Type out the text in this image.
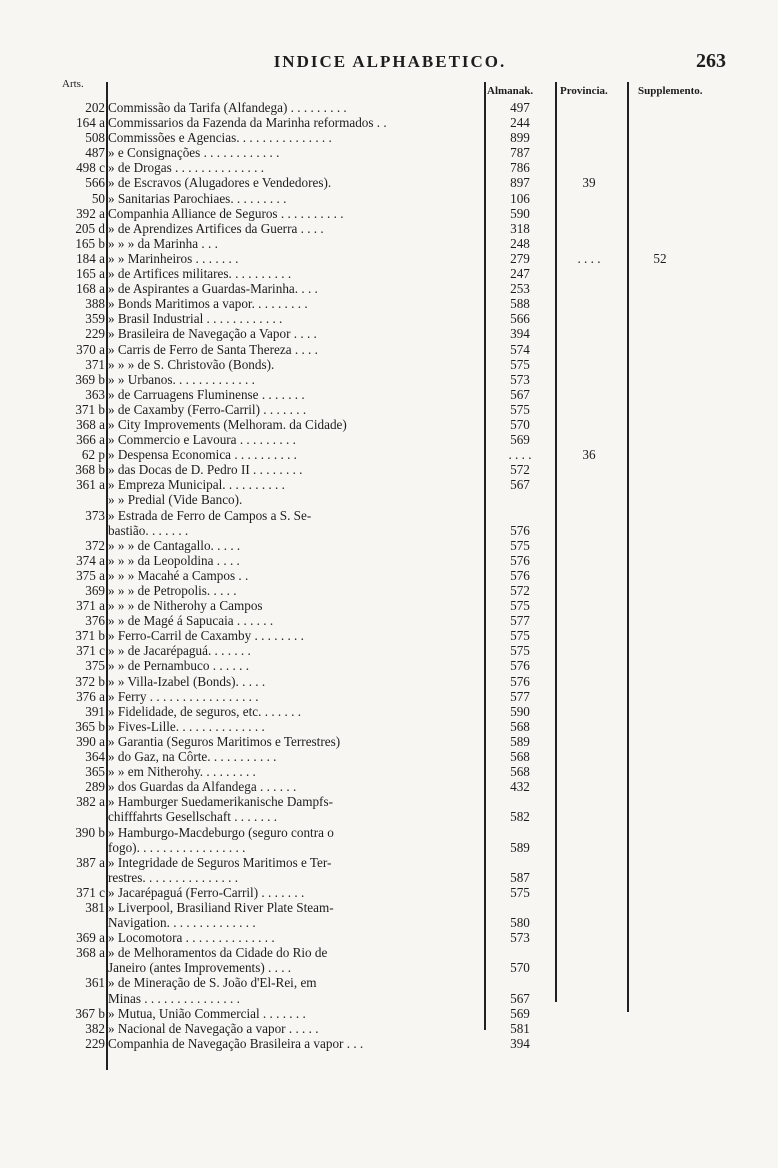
INDICE ALPHABETICO.	263
Arts.
Almanak. Provincia.	Supplemento.
202 Commissão da Tarifa (Alfandega) . . . . . . . . .	497
164 a Commissarios da Fazenda da Marinha reformados . .	244
508 Commissões e Agencias. . . . . . . . . . . . . . .	899
487 » e Consignações . . . . . . . . . . . .	787
498 c » de Drogas . . . . . . . . . . . . . .	786
566 » de Escravos (Alugadores e Vendedores).	897	39
50 » Sanitarias Parochiaes. . . . . . . . .	106
392 a Companhia Alliance de Seguros . . . . . . . . . .	590
205 d » de Aprendizes Artifices da Guerra . . . .	318
165 b » » » da Marinha . . .	248
184 a » » Marinheiros . . . . . . .	279	. . . .	52
165 a » de Artifices militares. . . . . . . . . .	247
168 a » de Aspirantes a Guardas-Marinha. . . .	253
388 » Bonds Maritimos a vapor. . . . . . . . .	588
359 » Brasil Industrial . . . . . . . . . . . .	566
229 » Brasileira de Navegação a Vapor . . . .	394
370 a » Carris de Ferro de Santa Thereza . . . .	574
371 » » » de S. Christovão (Bonds).	575
369 b » » Urbanos. . . . . . . . . . . . .	573
363 » de Carruagens Fluminense . . . . . . .	567
371 b » de Caxamby (Ferro-Carril) . . . . . . .	575
368 a » City Improvements (Melhoram. da Cidade)	570
366 a » Commercio e Lavoura . . . . . . . . .	569
62 p » Despensa Economica . . . . . . . . . .	. . . .	36
368 b » das Docas de D. Pedro II . . . . . . . .	572
361 a » Empreza Municipal. . . . . . . . . .	567
» » Predial (Vide Banco).
373 » Estrada de Ferro de Campos a S. Se-
bastião. . . . . . .	576
372 » » » de Cantagallo. . . . .	575
374 a » » » da Leopoldina . . . .	576
375 a » » » Macahé a Campos . .	576
369 » » » de Petropolis. . . . .	572
371 a » » » de Nitherohy a Campos	575
376 » » de Magé á Sapucaia . . . . . .	577
371 b » Ferro-Carril de Caxamby . . . . . . . .	575
371 c » » de Jacarépaguá. . . . . . .	575
375 » » de Pernambuco . . . . . .	576
372 b » » Villa-Izabel (Bonds). . . . .	576
376 a » Ferry . . . . . . . . . . . . . . . . .	577
391 » Fidelidade, de seguros, etc. . . . . . .	590
365 b » Fives-Lille. . . . . . . . . . . . . .	568
390 a » Garantia (Seguros Maritimos e Terrestres)	589
364 » do Gaz, na Côrte. . . . . . . . . . .	568
365 » » em Nitherohy. . . . . . . . .	568
289 » dos Guardas da Alfandega . . . . . .	432
382 a » Hamburger Suedamerikanische Dampfs-
chifffahrts Gesellschaft . . . . . . .	582
390 b » Hamburgo-Macdeburgo (seguro contra o
fogo). . . . . . . . . . . . . . . . .	589
387 a » Integridade de Seguros Maritimos e Ter-
restres. . . . . . . . . . . . . . .	587
371 c » Jacarépaguá (Ferro-Carril) . . . . . . .	575
381 » Liverpool, Brasiliand River Plate Steam-
Navigation. . . . . . . . . . . . . .	580
369 a » Locomotora . . . . . . . . . . . . . .	573
368 a » de Melhoramentos da Cidade do Rio de
Janeiro (antes Improvements) . . . .	570
361 » de Mineração de S. João d'El-Rei, em
Minas . . . . . . . . . . . . . . .	567
367 b » Mutua, União Commercial . . . . . . .	569
382 » Nacional de Navegação a vapor . . . . .	581
229 Companhia de Navegação Brasileira a vapor . . .	394
